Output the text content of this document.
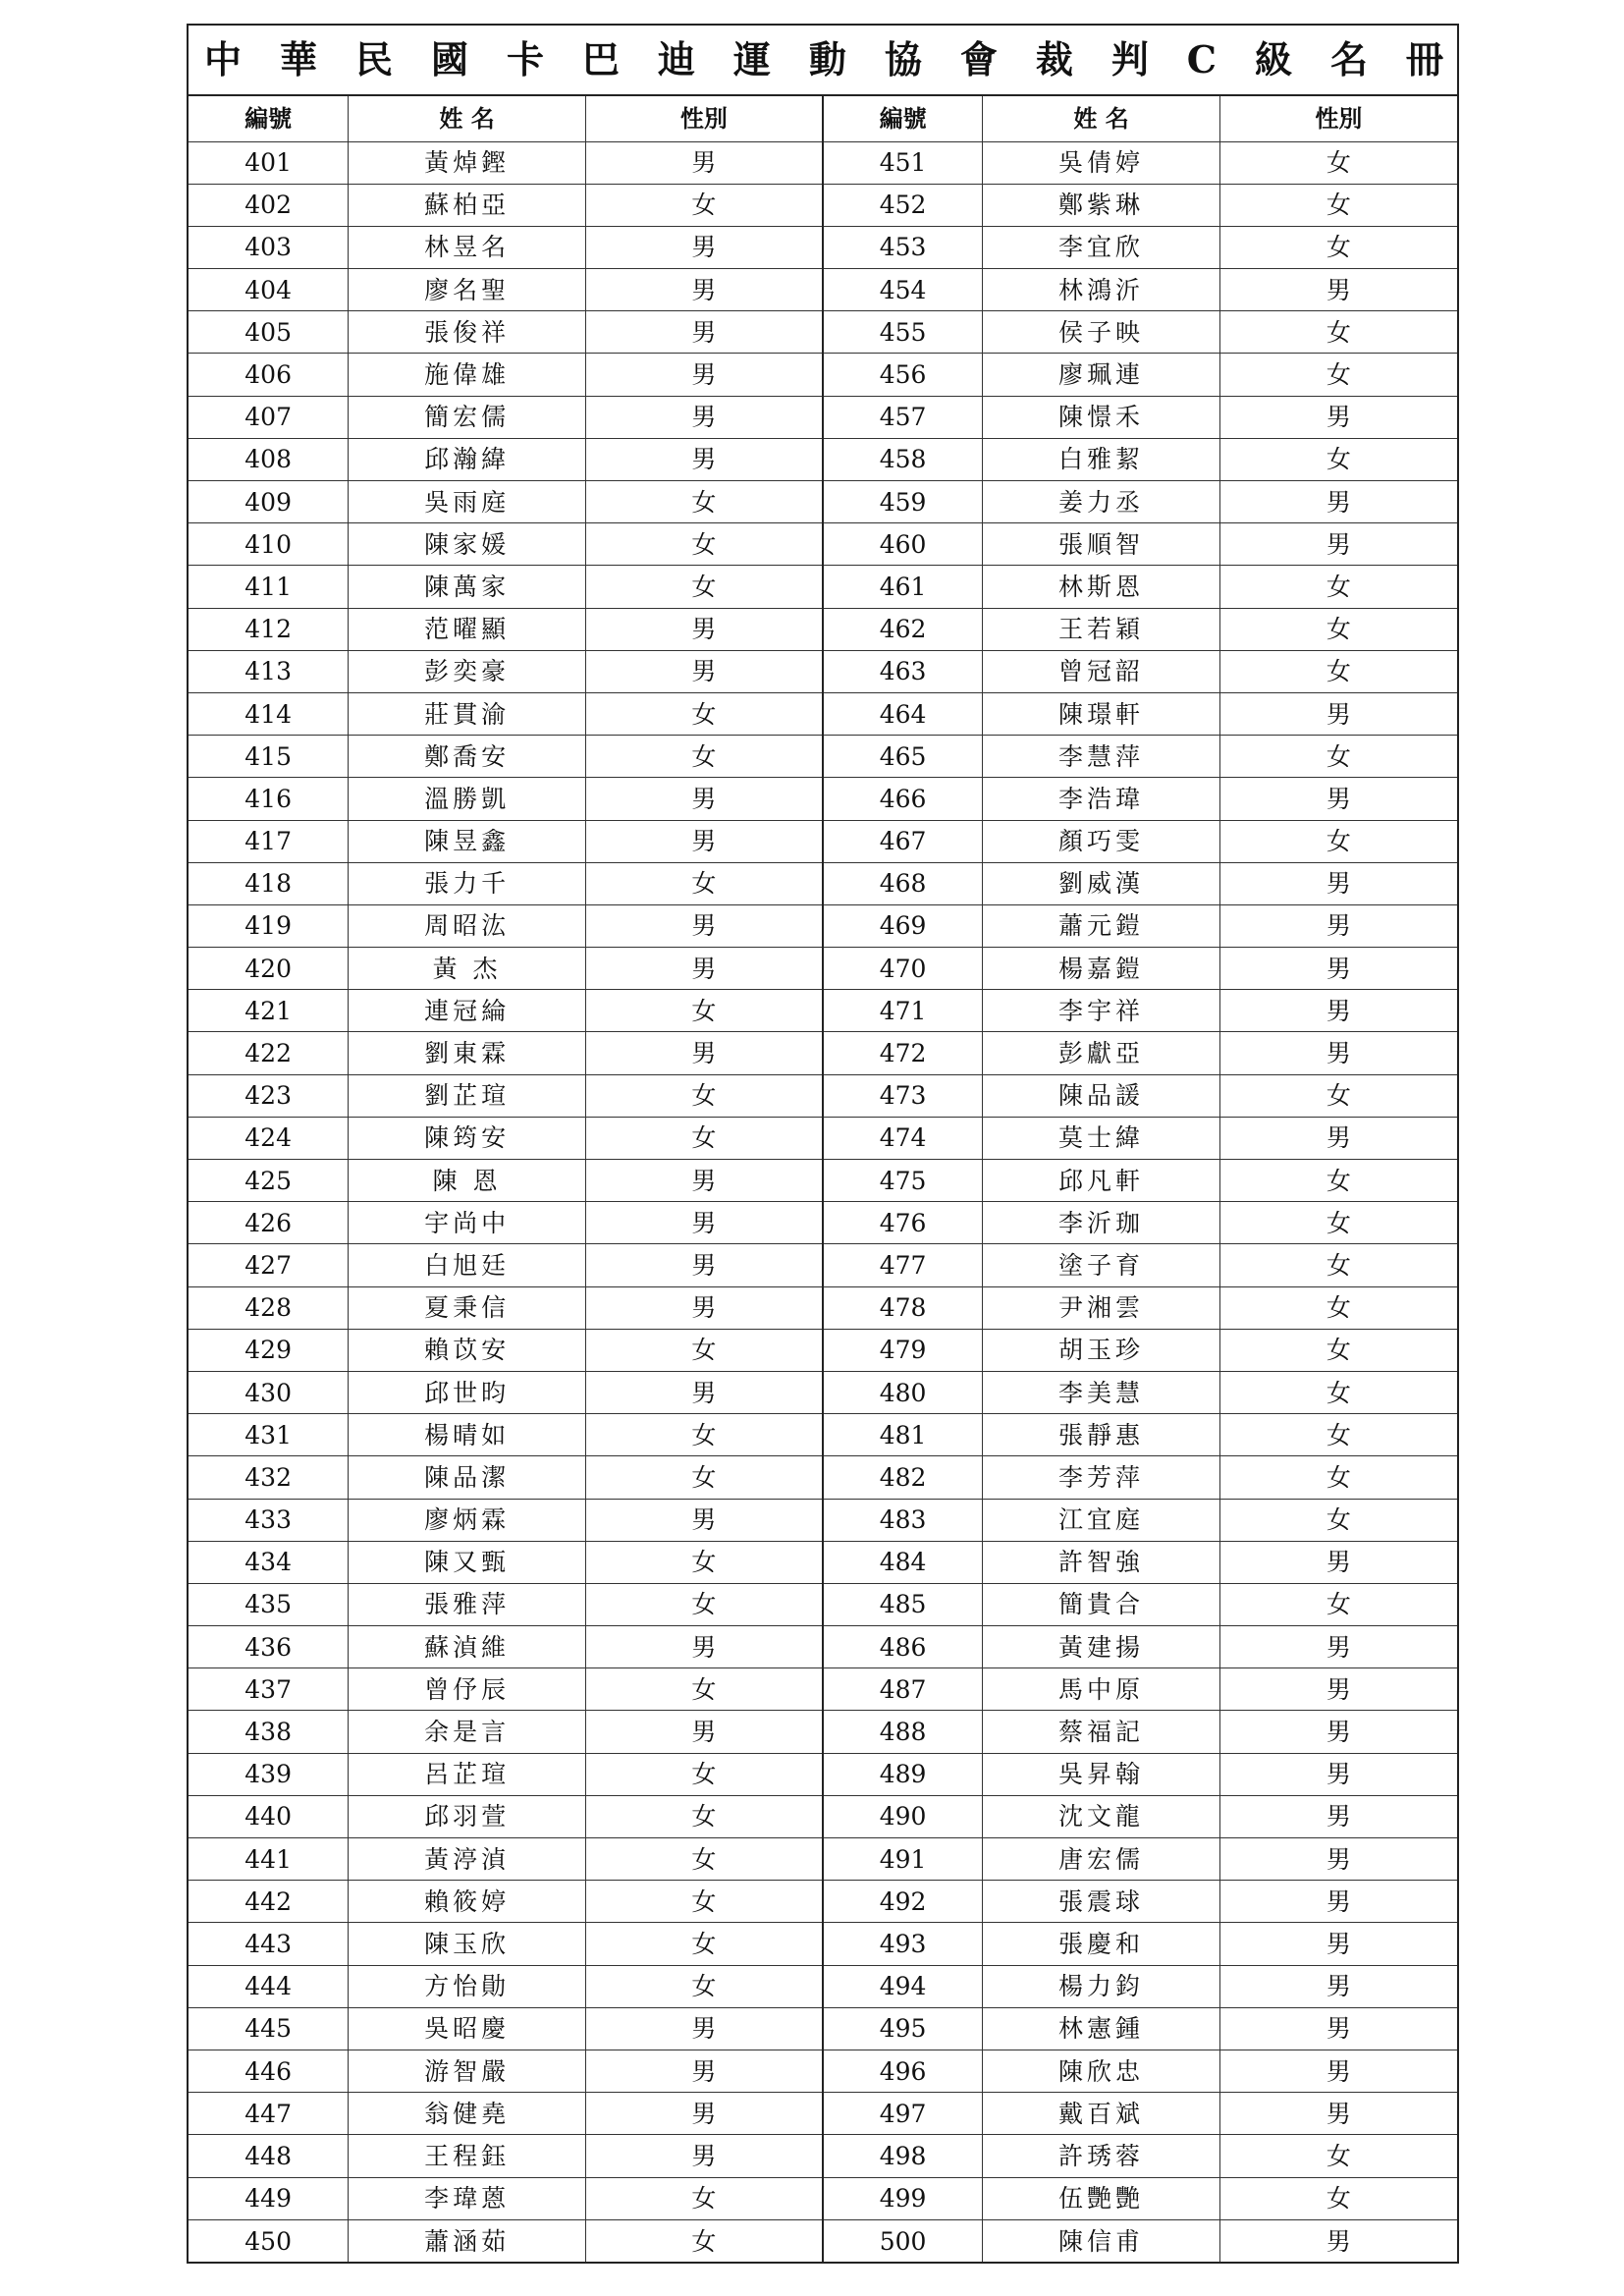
中 華 民 國 卡 巴 迪 運 動 協 會 裁 判 C 級 名 冊
編號	姓 名	性別	編號	姓 名	性別
401	黃焯鏗	男	451	吳倩婷	女
402	蘇柏亞	女	452	鄭紫琳	女
403	林昱名	男	453	李宜欣	女
404	廖名聖	男	454	林鴻沂	男
405	張俊祥	男	455	侯子映	女
406	施偉雄	男	456	廖珮連	女
407	簡宏儒	男	457	陳憬禾	男
408	邱瀚緯	男	458	白雅絜	女
409	吳雨庭	女	459	姜力丞	男
410	陳家媛	女	460	張順智	男
411	陳萬家	女	461	林斯恩	女
412	范曜顯	男	462	王若穎	女
413	彭奕豪	男	463	曾冠韶	女
414	莊貫渝	女	464	陳璟軒	男
415	鄭喬安	女	465	李慧萍	女
416	溫勝凱	男	466	李浩瑋	男
417	陳昱鑫	男	467	顏巧雯	女
418	張力千	女	468	劉威漢	男
419	周昭汯	男	469	蕭元鎧	男
420	黃 杰	男	470	楊嘉鎧	男
421	連冠綸	女	471	李宇祥	男
422	劉東霖	男	472	彭獻亞	男
423	劉芷瑄	女	473	陳品諼	女
424	陳筠安	女	474	莫士緯	男
425	陳 恩	男	475	邱凡軒	女
426	宇尚中	男	476	李沂珈	女
427	白旭廷	男	477	塗子育	女
428	夏秉信	男	478	尹湘雲	女
429	賴苡安	女	479	胡玉珍	女
430	邱世昀	男	480	李美慧	女
431	楊晴如	女	481	張靜惠	女
432	陳品潔	女	482	李芳萍	女
433	廖炳霖	男	483	江宜庭	女
434	陳又甄	女	484	許智強	男
435	張雅萍	女	485	簡貴合	女
436	蘇湞維	男	486	黃建揚	男
437	曾伃辰	女	487	馬中原	男
438	余是言	男	488	蔡福記	男
439	呂芷瑄	女	489	吳昇翰	男
440	邱羽萱	女	490	沈文龍	男
441	黃渟湞	女	491	唐宏儒	男
442	賴筱婷	女	492	張震球	男
443	陳玉欣	女	493	張慶和	男
444	方怡勛	女	494	楊力鈞	男
445	吳昭慶	男	495	林憲鍾	男
446	游智嚴	男	496	陳欣忠	男
447	翁健堯	男	497	戴百斌	男
448	王程鈺	男	498	許琇蓉	女
449	李瑋蒽	女	499	伍艷艷	女
450	蕭涵茹	女	500	陳信甫	男
